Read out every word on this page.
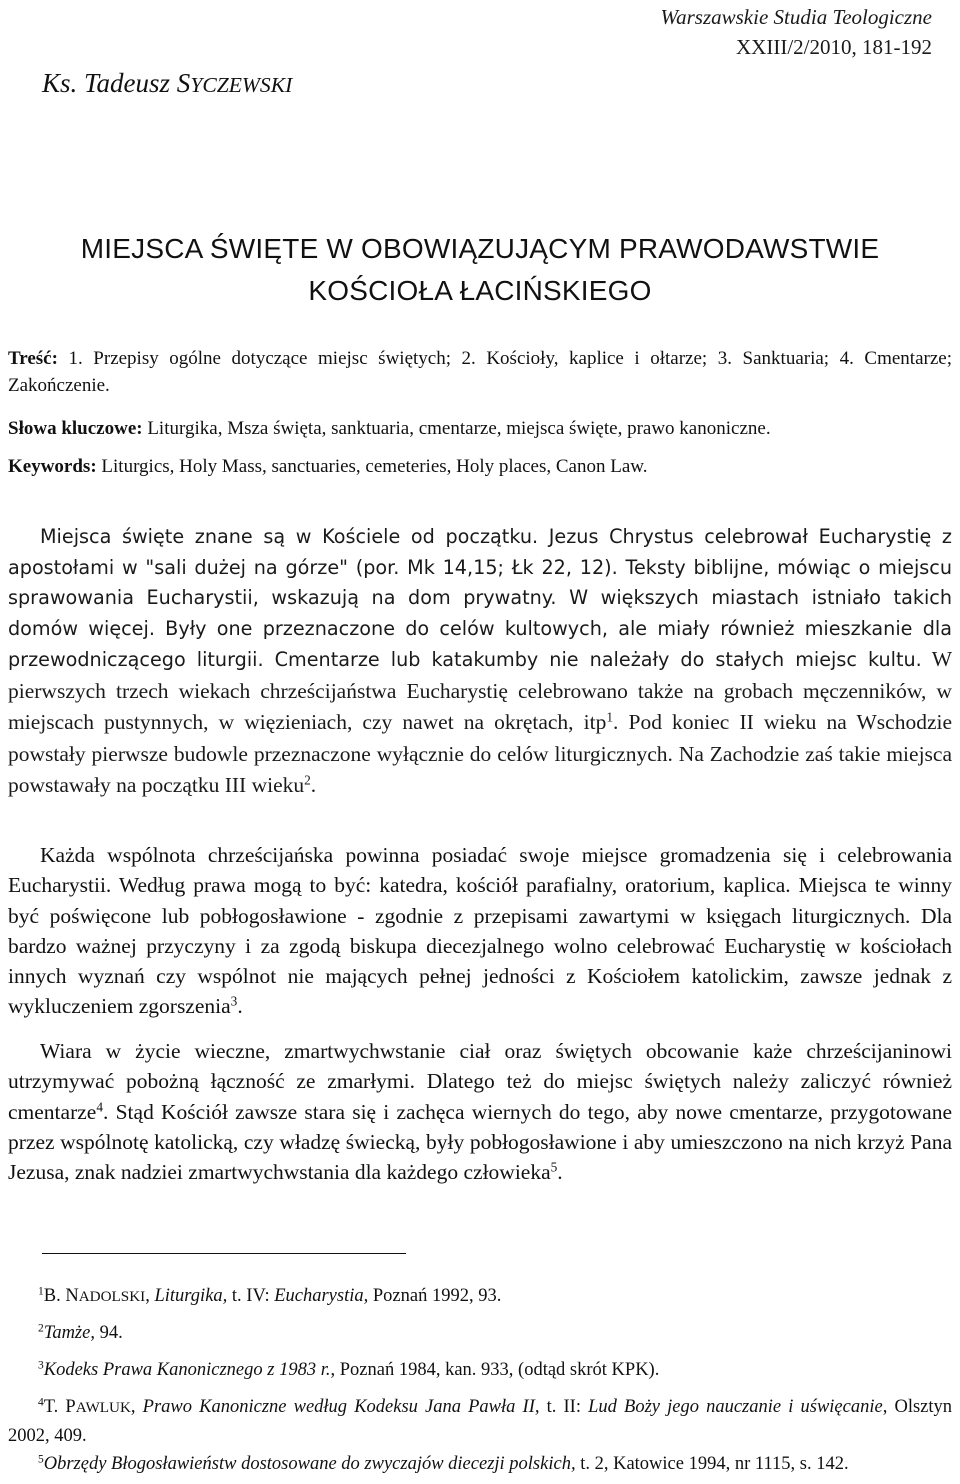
Warszawskie Studia Teologiczne
XXIII/2/2010, 181-192
Ks. Tadeusz SYCZEWSKI
MIEJSCA ŚWIĘTE W OBOWIĄZUJĄCYM PRAWODAWSTWIE
KOŚCIOŁA ŁACIŃSKIEGO
Treść: 1. Przepisy ogólne dotyczące miejsc świętych; 2. Kościoły, kaplice i ołtarze; 3. Sanktuaria; 4. Cmentarze; Zakończenie.
Słowa kluczowe: Liturgika, Msza święta, sanktuaria, cmentarze, miejsca święte, prawo kanoniczne.
Keywords: Liturgics, Holy Mass, sanctuaries, cemeteries, Holy places, Canon Law.
Miejsca święte znane są w Kościele od początku. Jezus Chrystus celebrował Eucharystię z apostołami w "sali dużej na górze" (por. Mk 14,15; Łk 22, 12). Teksty biblijne, mówiąc o miejscu sprawowania Eucharystii, wskazują na dom prywatny. W większych miastach istniało takich domów więcej. Były one przeznaczone do celów kultowych, ale miały również mieszkanie dla przewodniczącego liturgii. Cmentarze lub katakumby nie należały do stałych miejsc kultu. W pierwszych trzech wiekach chrześcijaństwa Eucharystię celebrowano także na grobach męczenników, w miejscach pustynnych, w więzieniach, czy nawet na okrętach, itp$^1$. Pod koniec II wieku na Wschodzie powstały pierwsze budowle przeznaczone wyłącznie do celów liturgicznych. Na Zachodzie zaś takie miejsca powstawały na początku III wieku$^2$.
Każda wspólnota chrześcijańska powinna posiadać swoje miejsce gromadzenia się i celebrowania Eucharystii. Według prawa mogą to być: katedra, kościół parafialny, oratorium, kaplica. Miejsca te winny być poświęcone lub pobłogosławione - zgodnie z przepisami zawartymi w księgach liturgicznych. Dla bardzo ważnej przyczyny i za zgodą biskupa diecezjalnego wolno celebrować Eucharystię w kościołach innych wyznań czy wspólnot nie mających pełnej jedności z Kościołem katolickim, zawsze jednak z wykluczeniem zgorszenia$^3$.
Wiara w życie wieczne, zmartwychwstanie ciał oraz świętych obcowanie każe chrześcijaninowi utrzymywać pobożną łączność ze zmarłymi. Dlatego też do miejsc świętych należy zaliczyć również cmentarze$^4$. Stąd Kościół zawsze stara się i zachęca wiernych do tego, aby nowe cmentarze, przygotowane przez wspólnotę katolicką, czy władzę świecką, były pobłogosławione i aby umieszczono na nich krzyż Pana Jezusa, znak nadziei zmartwychwstania dla każdego człowieka$^5$.
$^1$B. NADOLSKI, Liturgika, t. IV: Eucharystia, Poznań 1992, 93.
$^2$Tamże, 94.
$^3$Kodeks Prawa Kanonicznego z 1983 r., Poznań 1984, kan. 933, (odtąd skrót KPK).
$^4$T. PAWLUK, Prawo Kanoniczne według Kodeksu Jana Pawła II, t. II: Lud Boży jego nauczanie i uświęcanie, Olsztyn 2002, 409.
$^5$Obrzędy Błogosławieństw dostosowane do zwyczajów diecezji polskich, t. 2, Katowice 1994, nr 1115, s. 142.
